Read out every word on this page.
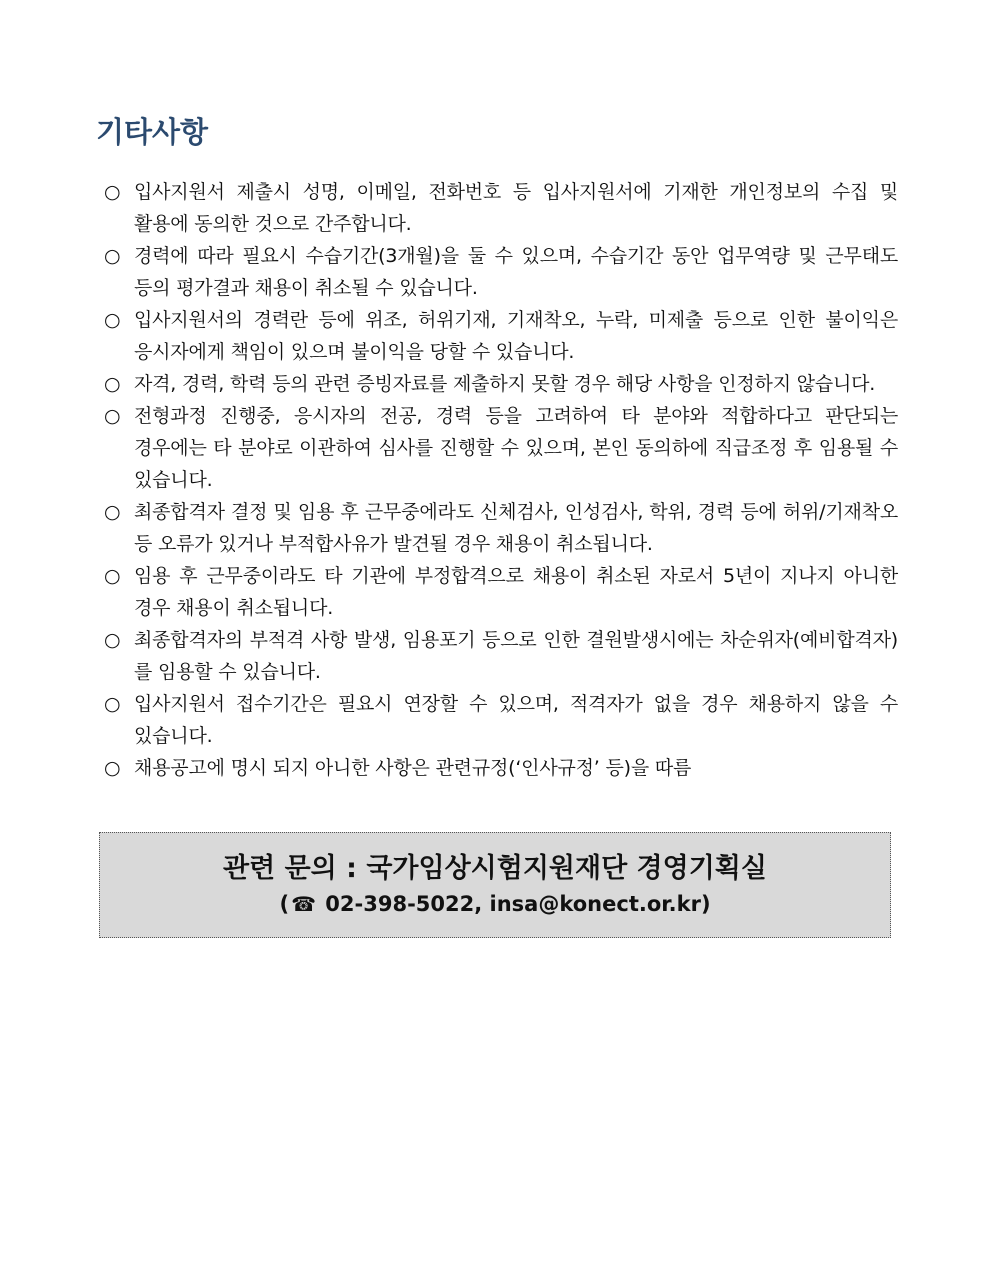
기타사항
○ 입사지원서 제출시 성명, 이메일, 전화번호 등 입사지원서에 기재한 개인정보의 수집 및 활용에 동의한 것으로 간주합니다.
○ 경력에 따라 필요시 수습기간(3개월)을 둘 수 있으며, 수습기간 동안 업무역량 및 근무태도 등의 평가결과 채용이 취소될 수 있습니다.
○ 입사지원서의 경력란 등에 위조, 허위기재, 기재착오, 누락, 미제출 등으로 인한 불이익은 응시자에게 책임이 있으며 불이익을 당할 수 있습니다.
○ 자격, 경력, 학력 등의 관련 증빙자료를 제출하지 못할 경우 해당 사항을 인정하지 않습니다.
○ 전형과정 진행중, 응시자의 전공, 경력 등을 고려하여 타 분야와 적합하다고 판단되는 경우에는 타 분야로 이관하여 심사를 진행할 수 있으며, 본인 동의하에 직급조정 후 임용될 수 있습니다.
○ 최종합격자 결정 및 임용 후 근무중에라도 신체검사, 인성검사, 학위, 경력 등에 허위/기재착오 등 오류가 있거나 부적합사유가 발견될 경우 채용이 취소됩니다.
○ 임용 후 근무중이라도 타 기관에 부정합격으로 채용이 취소된 자로서 5년이 지나지 아니한 경우 채용이 취소됩니다.
○ 최종합격자의 부적격 사항 발생, 임용포기 등으로 인한 결원발생시에는 차순위자(예비합격자)를 임용할 수 있습니다.
○ 입사지원서 접수기간은 필요시 연장할 수 있으며, 적격자가 없을 경우 채용하지 않을 수 있습니다.
○ 채용공고에 명시 되지 아니한 사항은 관련규정(‘인사규정’ 등)을 따름

관련 문의 : 국가임상시험지원재단 경영기획실

( ☎ 02-398-5022, insa@konect.or.kr)
